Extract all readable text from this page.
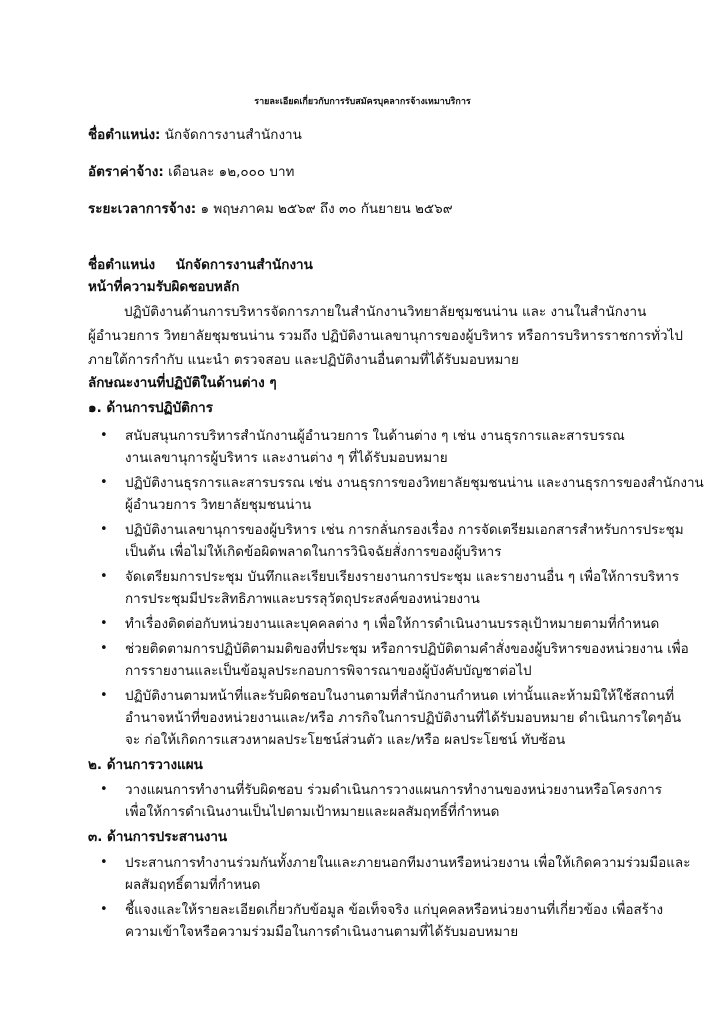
รายละเอียดเกี่ยวกับการรับสมัครบุคลากรจ้างเหมาบริการ
ชื่อตำแหน่ง: นักจัดการงานสำนักงาน
อัตราค่าจ้าง: เดือนละ ๑๒,๐๐๐ บาท
ระยะเวลาการจ้าง: ๑ พฤษภาคม ๒๕๖๙ ถึง ๓๐ กันยายน ๒๕๖๙
ชื่อตำแหน่ง นักจัดการงานสำนักงาน
หน้าที่ความรับผิดชอบหลัก
ปฏิบัติงานด้านการบริหารจัดการภายในสำนักงานวิทยาลัยชุมชนน่าน และ งานในสำนักงาน
ผู้อำนวยการ วิทยาลัยชุมชนน่าน รวมถึง ปฏิบัติงานเลขานุการของผู้บริหาร หรือการบริหารราชการทั่วไป
ภายใต้การกำกับ แนะนำ ตรวจสอบ และปฏิบัติงานอื่นตามที่ได้รับมอบหมาย
ลักษณะงานที่ปฏิบัติในด้านต่าง ๆ
๑. ด้านการปฏิบัติการ
• สนับสนุนการบริหารสำนักงานผู้อำนวยการ ในด้านต่าง ๆ เช่น งานธุรการและสารบรรณ
งานเลขานุการผู้บริหาร และงานต่าง ๆ ที่ได้รับมอบหมาย
• ปฏิบัติงานธุรการและสารบรรณ เช่น งานธุรการของวิทยาลัยชุมชนน่าน และงานธุรการของสำนักงาน
ผู้อำนวยการ วิทยาลัยชุมชนน่าน
• ปฏิบัติงานเลขานุการของผู้บริหาร เช่น การกลั่นกรองเรื่อง การจัดเตรียมเอกสารสำหรับการประชุม
เป็นต้น เพื่อไม่ให้เกิดข้อผิดพลาดในการวินิจฉัยสั่งการของผู้บริหาร
• จัดเตรียมการประชุม บันทึกและเรียบเรียงรายงานการประชุม และรายงานอื่น ๆ เพื่อให้การบริหาร
การประชุมมีประสิทธิภาพและบรรลุวัตถุประสงค์ของหน่วยงาน
• ทำเรื่องติดต่อกับหน่วยงานและบุคคลต่าง ๆ เพื่อให้การดำเนินงานบรรลุเป้าหมายตามที่กำหนด
• ช่วยติดตามการปฏิบัติตามมติของที่ประชุม หรือการปฏิบัติตามคำสั่งของผู้บริหารของหน่วยงาน เพื่อ
การรายงานและเป็นข้อมูลประกอบการพิจารณาของผู้บังคับบัญชาต่อไป
• ปฏิบัติงานตามหน้าที่และรับผิดชอบในงานตามที่สำนักงานกำหนด เท่านั้นและห้ามมิให้ใช้สถานที่
อำนาจหน้าที่ของหน่วยงานและ/หรือ ภารกิจในการปฏิบัติงานที่ได้รับมอบหมาย ดำเนินการใดๆอัน
จะ ก่อให้เกิดการแสวงหาผลประโยชน์ส่วนตัว และ/หรือ ผลประโยชน์ ทับซ้อน
๒. ด้านการวางแผน
• วางแผนการทำงานที่รับผิดชอบ ร่วมดำเนินการวางแผนการทำงานของหน่วยงานหรือโครงการ
เพื่อให้การดำเนินงานเป็นไปตามเป้าหมายและผลสัมฤทธิ์ที่กำหนด
๓. ด้านการประสานงาน
• ประสานการทำงานร่วมกันทั้งภายในและภายนอกทีมงานหรือหน่วยงาน เพื่อให้เกิดความร่วมมือและ
ผลสัมฤทธิ์ตามที่กำหนด
• ชี้แจงและให้รายละเอียดเกี่ยวกับข้อมูล ข้อเท็จจริง แก่บุคคลหรือหน่วยงานที่เกี่ยวข้อง เพื่อสร้าง
ความเข้าใจหรือความร่วมมือในการดำเนินงานตามที่ได้รับมอบหมาย
